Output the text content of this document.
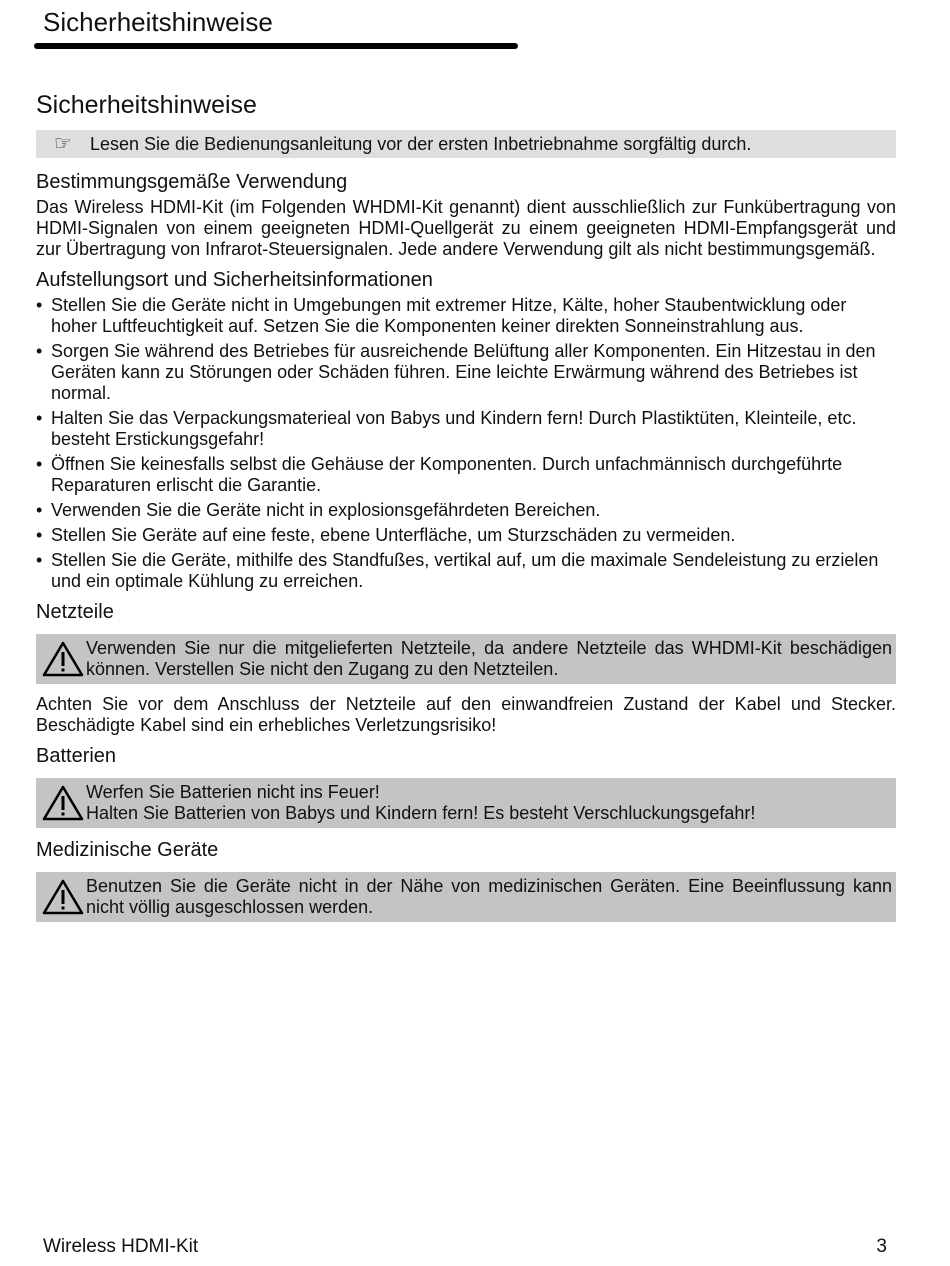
Sicherheitshinweise
Sicherheitshinweise
☞	Lesen Sie die Bedienungsanleitung vor der ersten Inbetriebnahme sorgfältig durch.
Bestimmungsgemäße Verwendung

Das Wireless HDMI-Kit (im Folgenden WHDMI-Kit genannt) dient ausschließlich zur Funkübertragung von HDMI-Signalen von einem geeigneten HDMI-Quellgerät zu einem geeigneten HDMI-Empfangsgerät und zur Übertragung von Infrarot-Steuersignalen. Jede andere Verwendung gilt als nicht bestimmungsgemäß.

Aufstellungsort und Sicherheitsinformationen
• Stellen Sie die Geräte nicht in Umgebungen mit extremer Hitze, Kälte, hoher Staubentwicklung oder hoher Luftfeuchtigkeit auf. Setzen Sie die Komponenten keiner direkten Sonneinstrahlung aus.
• Sorgen Sie während des Betriebes für ausreichende Belüftung aller Komponenten. Ein Hitzestau in den Geräten kann zu Störungen oder Schäden führen. Eine leichte Erwärmung während des Betriebes ist normal.
• Halten Sie das Verpackungsmaterieal von Babys und Kindern fern! Durch Plastiktüten, Kleinteile, etc. besteht Erstickungsgefahr!
• Öffnen Sie keinesfalls selbst die Gehäuse der Komponenten. Durch unfachmännisch durchgeführte Reparaturen erlischt die Garantie.
• Verwenden Sie die Geräte nicht in explosionsgefährdeten Bereichen.
• Stellen Sie Geräte auf eine feste, ebene Unterfläche, um Sturzschäden zu vermeiden.
• Stellen Sie die Geräte, mithilfe des Standfußes, vertikal auf, um die maximale Sendeleistung zu erzielen und ein optimale Kühlung zu erreichen.
Netzteile
Verwenden Sie nur die mitgelieferten Netzteile, da andere Netzteile das WHDMI-Kit beschädigen können. Verstellen Sie nicht den Zugang zu den Netzteilen.

Achten Sie vor dem Anschluss der Netzteile auf den einwandfreien Zustand der Kabel und Stecker. Beschädigte Kabel sind ein erhebliches Verletzungsrisiko!

Batterien
Werfen Sie Batterien nicht ins Feuer!
Halten Sie Batterien von Babys und Kindern fern! Es besteht Verschluckungsgefahr!
Medizinische Geräte
Benutzen Sie die Geräte nicht in der Nähe von medizinischen Geräten. Eine Beeinflussung kann nicht völlig ausgeschlossen werden.
Wireless HDMI-Kit	3
